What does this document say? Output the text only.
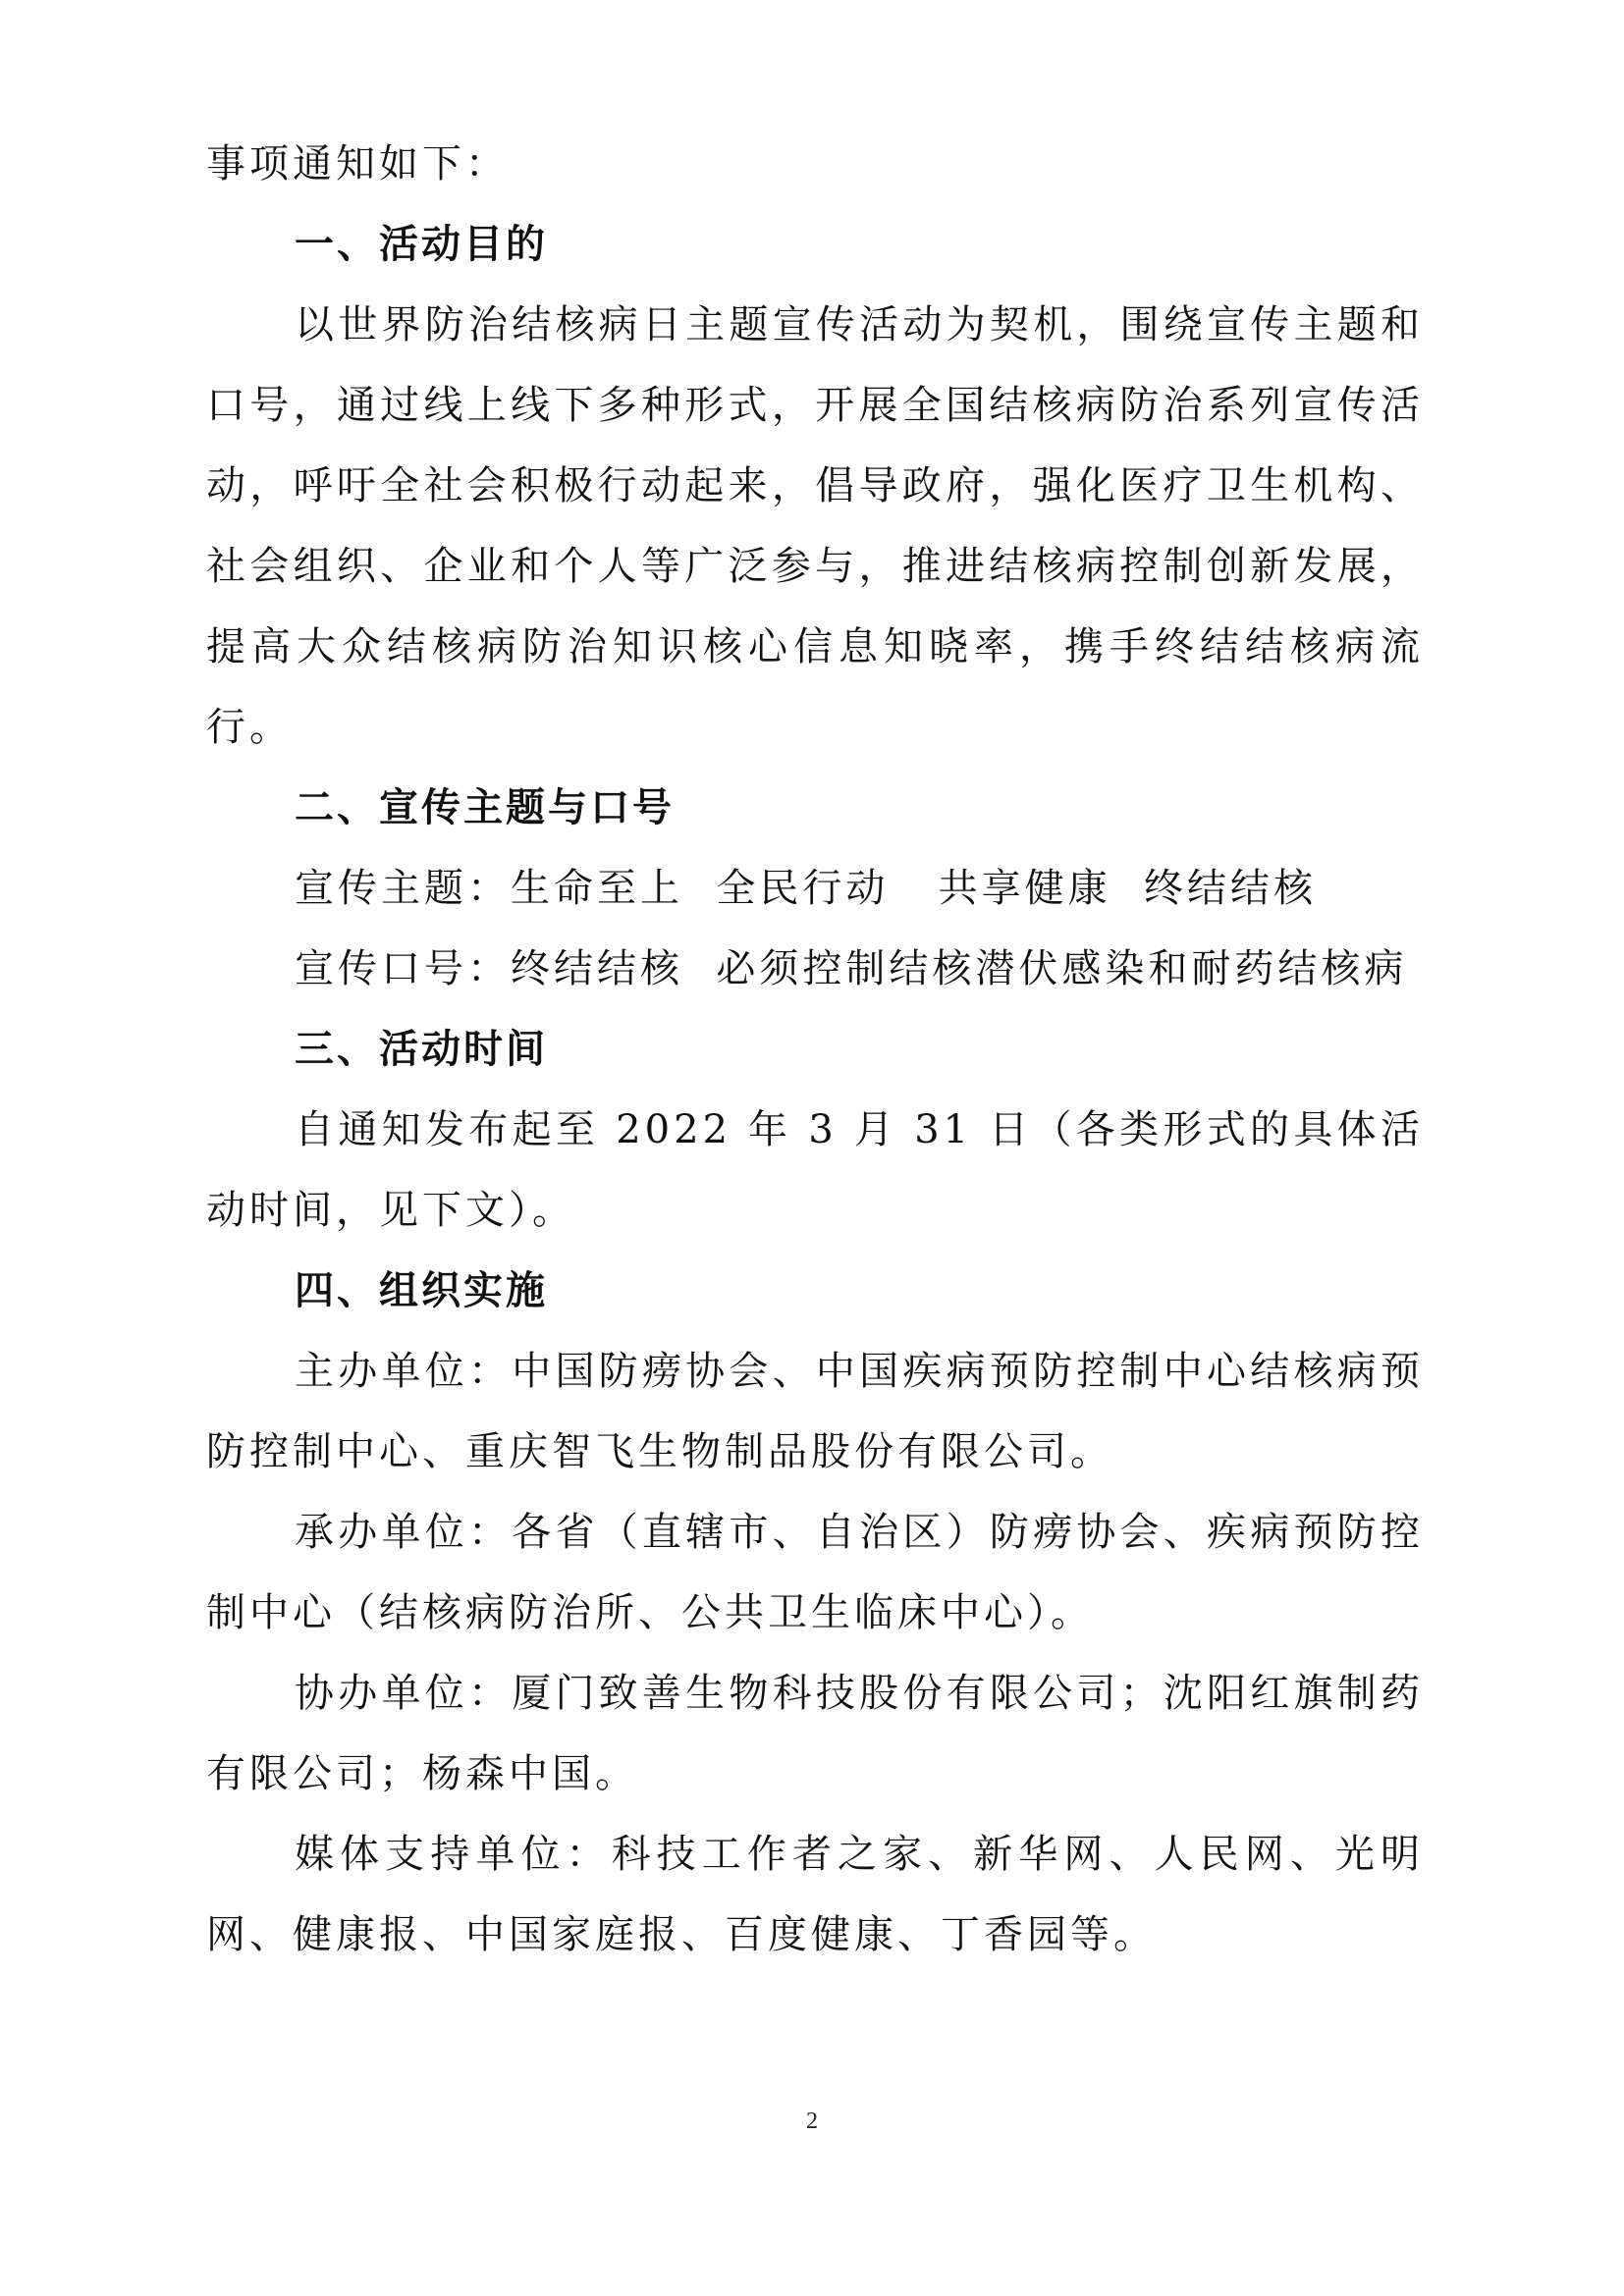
事项通知如下：

一、活动目的

以世界防治结核病日主题宣传活动为契机，围绕宣传主题和口号，通过线上线下多种形式，开展全国结核病防治系列宣传活动，呼吁全社会积极行动起来，倡导政府，强化医疗卫生机构、社会组织、企业和个人等广泛参与，推进结核病控制创新发展，提高大众结核病防治知识核心信息知晓率，携手终结结核病流行。

二、宣传主题与口号

宣传主题：生命至上  全民行动   共享健康  终结结核

宣传口号：终结结核  必须控制结核潜伏感染和耐药结核病

三、活动时间

自通知发布起至 2022 年 3 月 31 日（各类形式的具体活动时间，见下文）。

四、组织实施

主办单位：中国防痨协会、中国疾病预防控制中心结核病预防控制中心、重庆智飞生物制品股份有限公司。

承办单位：各省（直辖市、自治区）防痨协会、疾病预防控制中心（结核病防治所、公共卫生临床中心）。

协办单位：厦门致善生物科技股份有限公司；沈阳红旗制药有限公司；杨森中国。

媒体支持单位：科技工作者之家、新华网、人民网、光明网、健康报、中国家庭报、百度健康、丁香园等。

2
